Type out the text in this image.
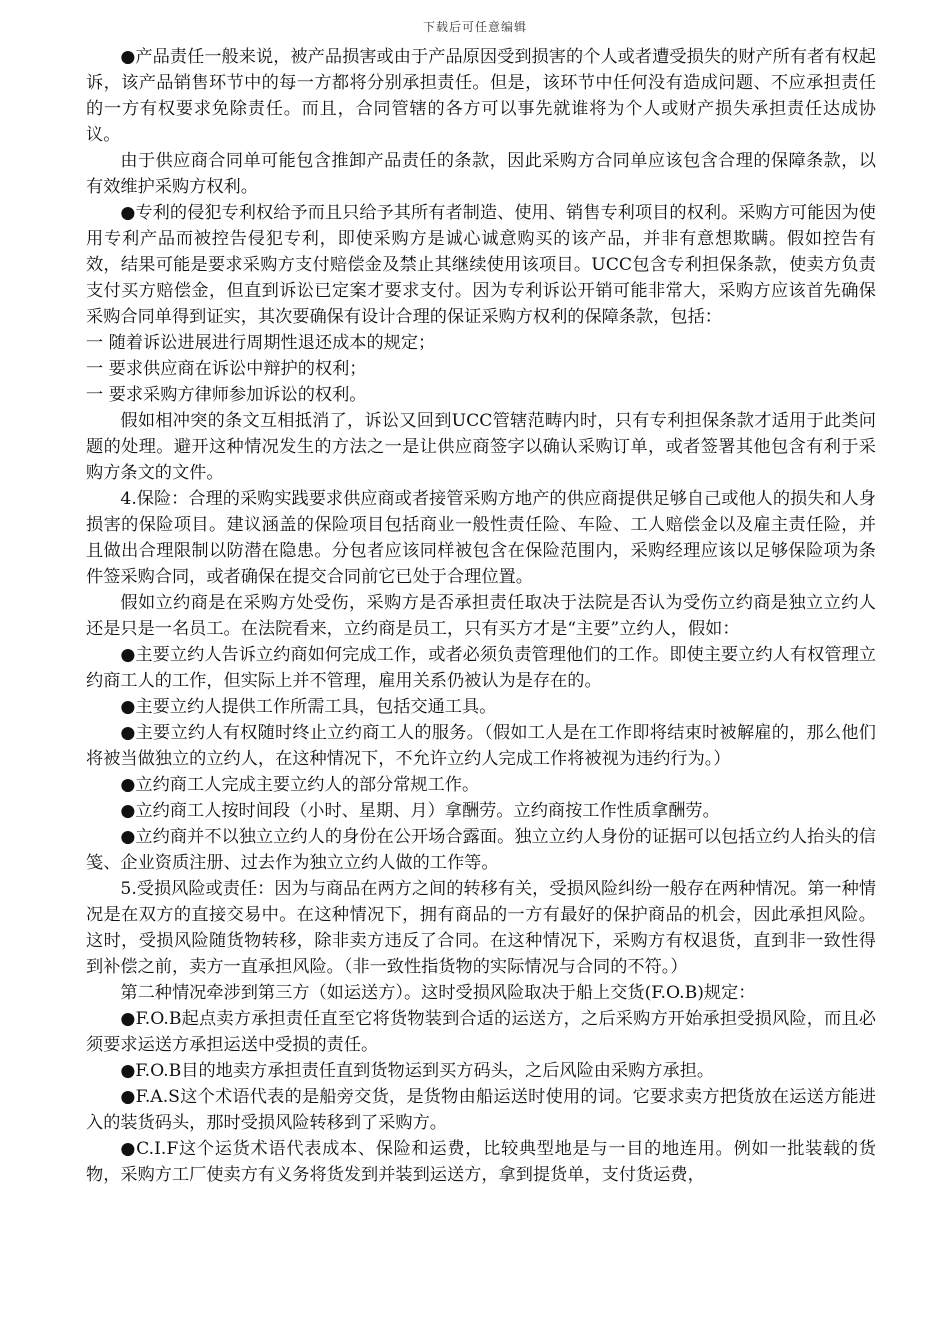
下载后可任意编辑

●产品责任一般来说，被产品损害或由于产品原因受到损害的个人或者遭受损失的财产所有者有权起诉，该产品销售环节中的每一方都将分别承担责任。但是，该环节中任何没有造成问题、不应承担责任的一方有权要求免除责任。而且，合同管辖的各方可以事先就谁将为个人或财产损失承担责任达成协议。

由于供应商合同单可能包含推卸产品责任的条款，因此采购方合同单应该包含合理的保障条款，以有效维护采购方权利。

●专利的侵犯专利权给予而且只给予其所有者制造、使用、销售专利项目的权利。采购方可能因为使用专利产品而被控告侵犯专利，即使采购方是诚心诚意购买的该产品，并非有意想欺瞒。假如控告有效，结果可能是要求采购方支付赔偿金及禁止其继续使用该项目。UCC包含专利担保条款，使卖方负责支付买方赔偿金，但直到诉讼已定案才要求支付。因为专利诉讼开销可能非常大，采购方应该首先确保采购合同单得到证实，其次要确保有设计合理的保证采购方权利的保障条款，包括：

一 随着诉讼进展进行周期性退还成本的规定；

一 要求供应商在诉讼中辩护的权利；

一 要求采购方律师参加诉讼的权利。

假如相冲突的条文互相抵消了，诉讼又回到UCC管辖范畴内时，只有专利担保条款才适用于此类问题的处理。避开这种情况发生的方法之一是让供应商签字以确认采购订单，或者签署其他包含有利于采购方条文的文件。

4.保险：合理的采购实践要求供应商或者接管采购方地产的供应商提供足够自己或他人的损失和人身损害的保险项目。建议涵盖的保险项目包括商业一般性责任险、车险、工人赔偿金以及雇主责任险，并且做出合理限制以防潜在隐患。分包者应该同样被包含在保险范围内，采购经理应该以足够保险项为条件签采购合同，或者确保在提交合同前它已处于合理位置。

假如立约商是在采购方处受伤，采购方是否承担责任取决于法院是否认为受伤立约商是独立立约人还是只是一名员工。在法院看来，立约商是员工，只有买方才是“主要”立约人，假如：

●主要立约人告诉立约商如何完成工作，或者必须负责管理他们的工作。即使主要立约人有权管理立约商工人的工作，但实际上并不管理，雇用关系仍被认为是存在的。

●主要立约人提供工作所需工具，包括交通工具。

●主要立约人有权随时终止立约商工人的服务。（假如工人是在工作即将结束时被解雇的，那么他们将被当做独立的立约人，在这种情况下，不允许立约人完成工作将被视为违约行为。）

●立约商工人完成主要立约人的部分常规工作。

●立约商工人按时间段（小时、星期、月）拿酬劳。立约商按工作性质拿酬劳。

●立约商并不以独立立约人的身份在公开场合露面。独立立约人身份的证据可以包括立约人抬头的信笺、企业资质注册、过去作为独立立约人做的工作等。

5.受损风险或责任：因为与商品在两方之间的转移有关，受损风险纠纷一般存在两种情况。第一种情况是在双方的直接交易中。在这种情况下，拥有商品的一方有最好的保护商品的机会，因此承担风险。这时，受损风险随货物转移，除非卖方违反了合同。在这种情况下，采购方有权退货，直到非一致性得到补偿之前，卖方一直承担风险。（非一致性指货物的实际情况与合同的不符。）

第二种情况牵涉到第三方（如运送方）。这时受损风险取决于船上交货(F.O.B)规定：

●F.O.B起点卖方承担责任直至它将货物装到合适的运送方，之后采购方开始承担受损风险，而且必须要求运送方承担运送中受损的责任。

●F.O.B目的地卖方承担责任直到货物运到买方码头，之后风险由采购方承担。

●F.A.S这个术语代表的是船旁交货，是货物由船运送时使用的词。它要求卖方把货放在运送方能进入的装货码头，那时受损风险转移到了采购方。

●C.I.F这个运货术语代表成本、保险和运费，比较典型地是与一目的地连用。例如一批装载的货物，采购方工厂使卖方有义务将货发到并装到运送方，拿到提货单，支付货运费，
